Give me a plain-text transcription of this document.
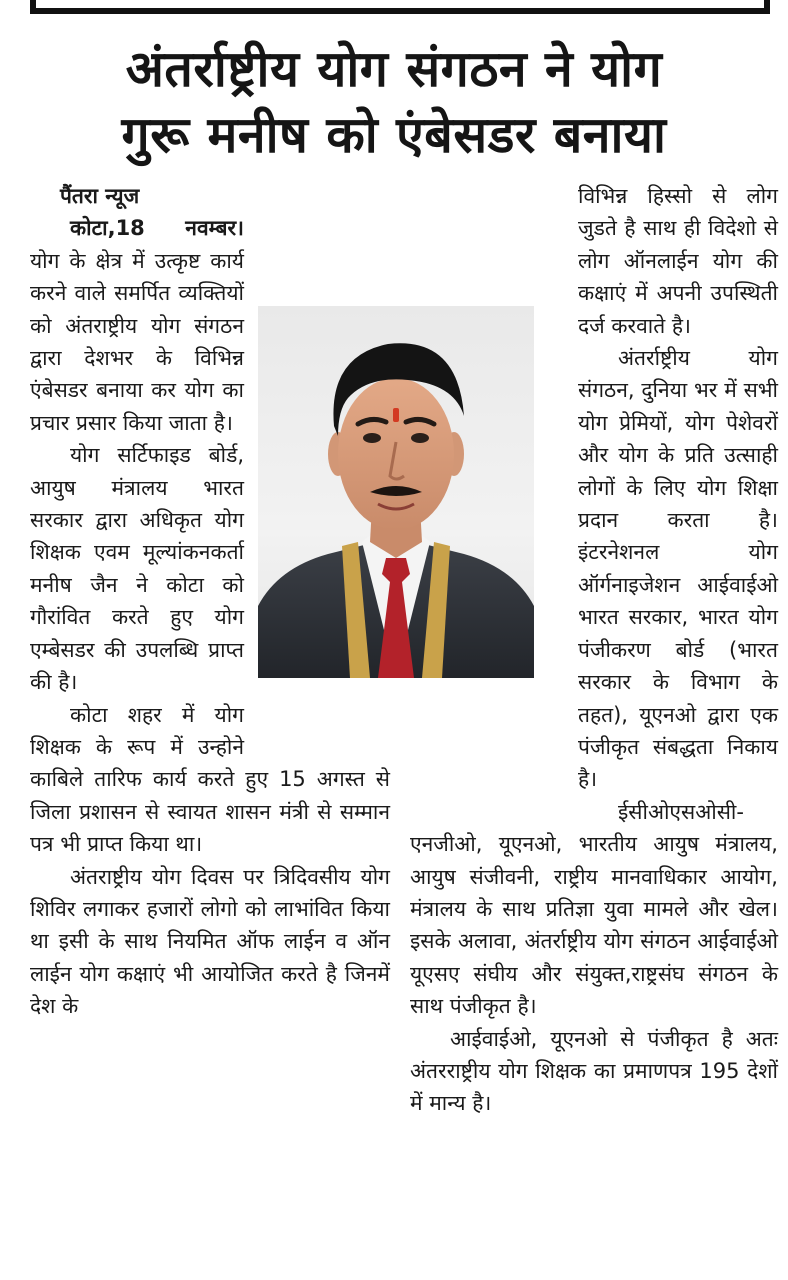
अंतर्राष्ट्रीय योग संगठन ने योग
गुरू मनीष को एंबेसडर बनाया

पैंतरा न्यूज

कोटा,18 नवम्बर। योग के क्षेत्र में उत्कृष्ट कार्य करने वाले समर्पित व्यक्तियों को अंतराष्ट्रीय योग संगठन द्वारा देशभर के विभिन्न एंबेसडर बनाया कर योग का प्रचार प्रसार किया जाता है।

योग सर्टिफाइड बोर्ड, आयुष मंत्रालय भारत सरकार द्वारा अधिकृत योग शिक्षक एवम मूल्यांकनकर्ता मनीष जैन ने कोटा को गौरांवित करते हुए योग एम्बेसडर की उपलब्धि प्राप्त की है।

कोटा शहर में योग शिक्षक के रूप में उन्होने काबिले तारिफ कार्य करते हुए 15 अगस्त से जिला प्रशासन से स्वायत शासन मंत्री से सम्मान पत्र भी प्राप्त किया था।

अंतराष्ट्रीय योग दिवस पर त्रिदिवसीय योग शिविर लगाकर हजारों लोगो को लाभांवित किया था इसी के साथ नियमित ऑफ लाईन व ऑन लाईन योग कक्षाएं भी आयोजित करते है जिनमें देश के

विभिन्न हिस्सो से लोग जुडते है साथ ही विदेशो से लोग ऑनलाईन योग की कक्षाएं में अपनी उपस्थिती दर्ज करवाते है।

अंतर्राष्ट्रीय योग संगठन, दुनिया भर में सभी योग प्रेमियों, योग पेशेवरों और योग के प्रति उत्साही लोगों के लिए योग शिक्षा प्रदान करता है। इंटरनेशनल योग ऑर्गनाइजेशन आईवाईओ भारत सरकार, भारत योग पंजीकरण बोर्ड (भारत सरकार के विभाग के तहत), यूएनओ द्वारा एक पंजीकृत संबद्धता निकाय है।

ईसीओएसओसी-एनजीओ, यूएनओ, भारतीय आयुष मंत्रालय, आयुष संजीवनी, राष्ट्रीय मानवाधिकार आयोग, मंत्रालय के साथ प्रतिज्ञा युवा मामले और खेल। इसके अलावा, अंतर्राष्ट्रीय योग संगठन आईवाईओ यूएसए संघीय और संयुक्त,राष्ट्रसंघ संगठन के साथ पंजीकृत है।

आईवाईओ, यूएनओ से पंजीकृत है अतः अंतरराष्ट्रीय योग शिक्षक का प्रमाणपत्र 195 देशों में मान्य है।
